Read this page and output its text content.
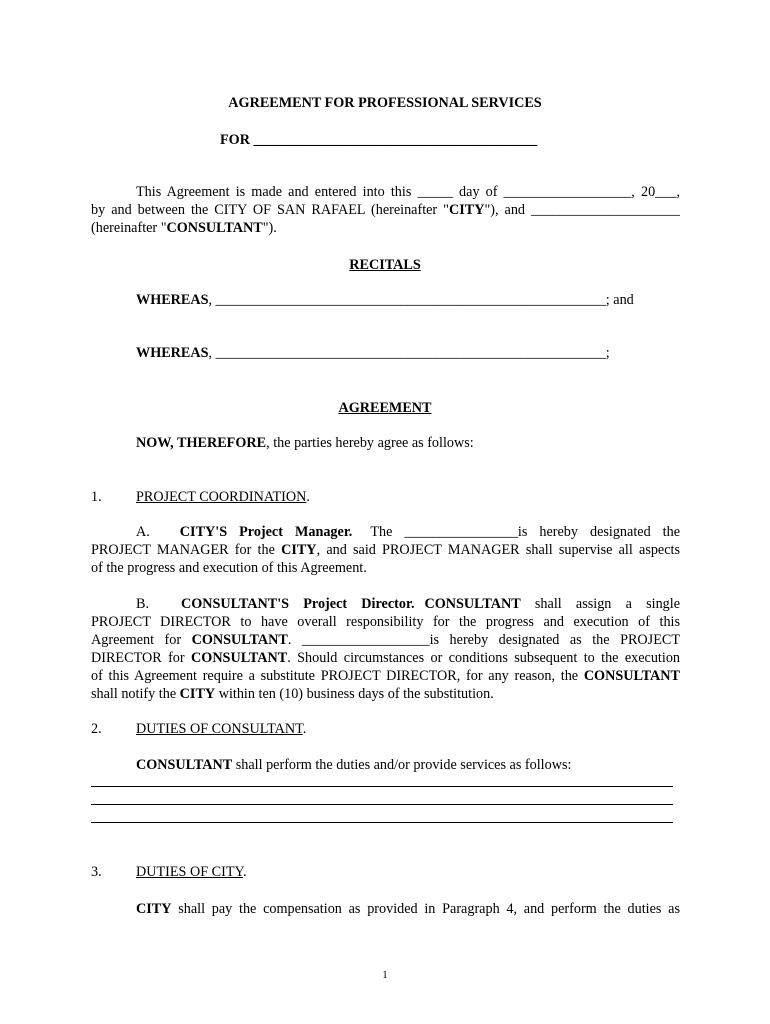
AGREEMENT FOR PROFESSIONAL SERVICES
FOR ________________________________________
This Agreement is made and entered into this _____ day of __________________, 20___,
by and between the CITY OF SAN RAFAEL (hereinafter "CITY"), and _____________________
(hereinafter "CONSULTANT").
RECITALS
WHEREAS, _______________________________________________________; and
WHEREAS, _______________________________________________________;
AGREEMENT
NOW, THEREFORE, the parties hereby agree as follows:
1. PROJECT COORDINATION.
A. CITY'S Project Manager. The ________________is hereby designated the
PROJECT MANAGER for the CITY, and said PROJECT MANAGER shall supervise all aspects
of the progress and execution of this Agreement.
B. CONSULTANT'S Project Director. CONSULTANT shall assign a single
PROJECT DIRECTOR to have overall responsibility for the progress and execution of this
Agreement for CONSULTANT. __________________is hereby designated as the PROJECT
DIRECTOR for CONSULTANT. Should circumstances or conditions subsequent to the execution
of this Agreement require a substitute PROJECT DIRECTOR, for any reason, the CONSULTANT
shall notify the CITY within ten (10) business days of the substitution.
2. DUTIES OF CONSULTANT.
CONSULTANT shall perform the duties and/or provide services as follows:
3. DUTIES OF CITY.
CITY shall pay the compensation as provided in Paragraph 4, and perform the duties as
1
